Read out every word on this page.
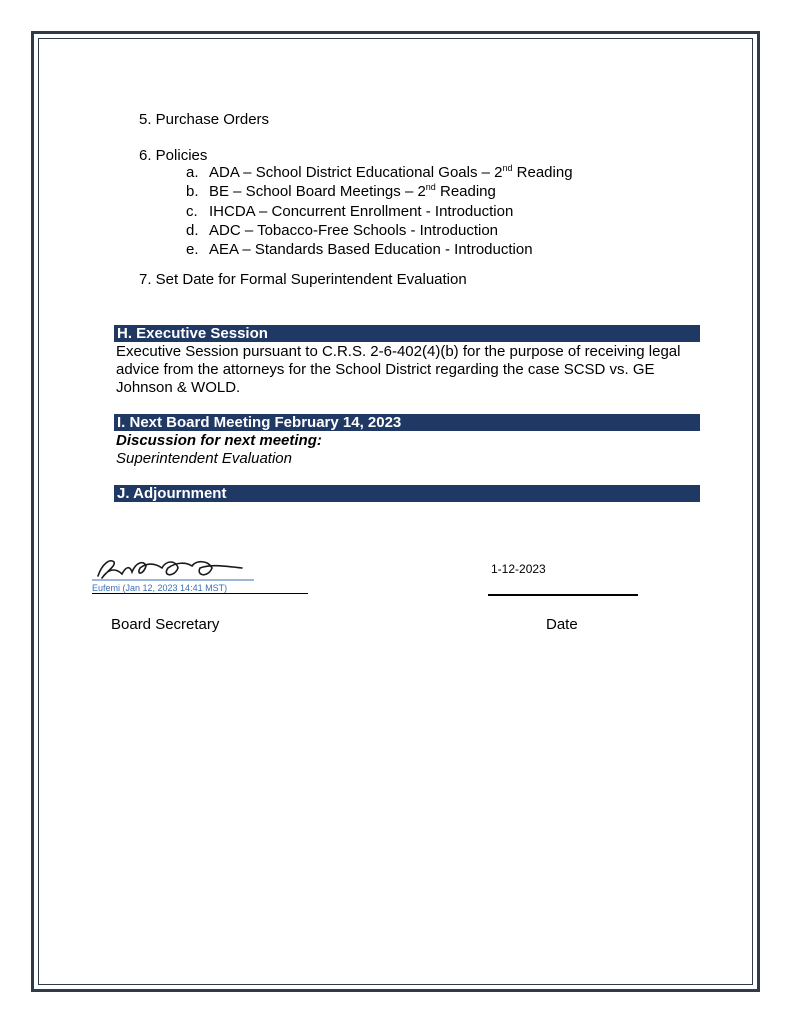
5. Purchase Orders
6. Policies
a. ADA – School District Educational Goals – 2nd Reading
b. BE – School Board Meetings – 2nd Reading
c. IHCDA – Concurrent Enrollment - Introduction
d. ADC – Tobacco-Free Schools - Introduction
e. AEA – Standards Based Education - Introduction
7. Set Date for Formal Superintendent Evaluation
H. Executive Session
Executive Session pursuant to C.R.S. 2-6-402(4)(b) for the purpose of receiving legal advice from the attorneys for the School District regarding the case SCSD vs. GE Johnson & WOLD.
I. Next Board Meeting February 14, 2023
Discussion for next meeting:
Superintendent Evaluation
J. Adjournment
Eufemi (Jan 12, 2023 14:41 MST)
1-12-2023
Board Secretary	Date
